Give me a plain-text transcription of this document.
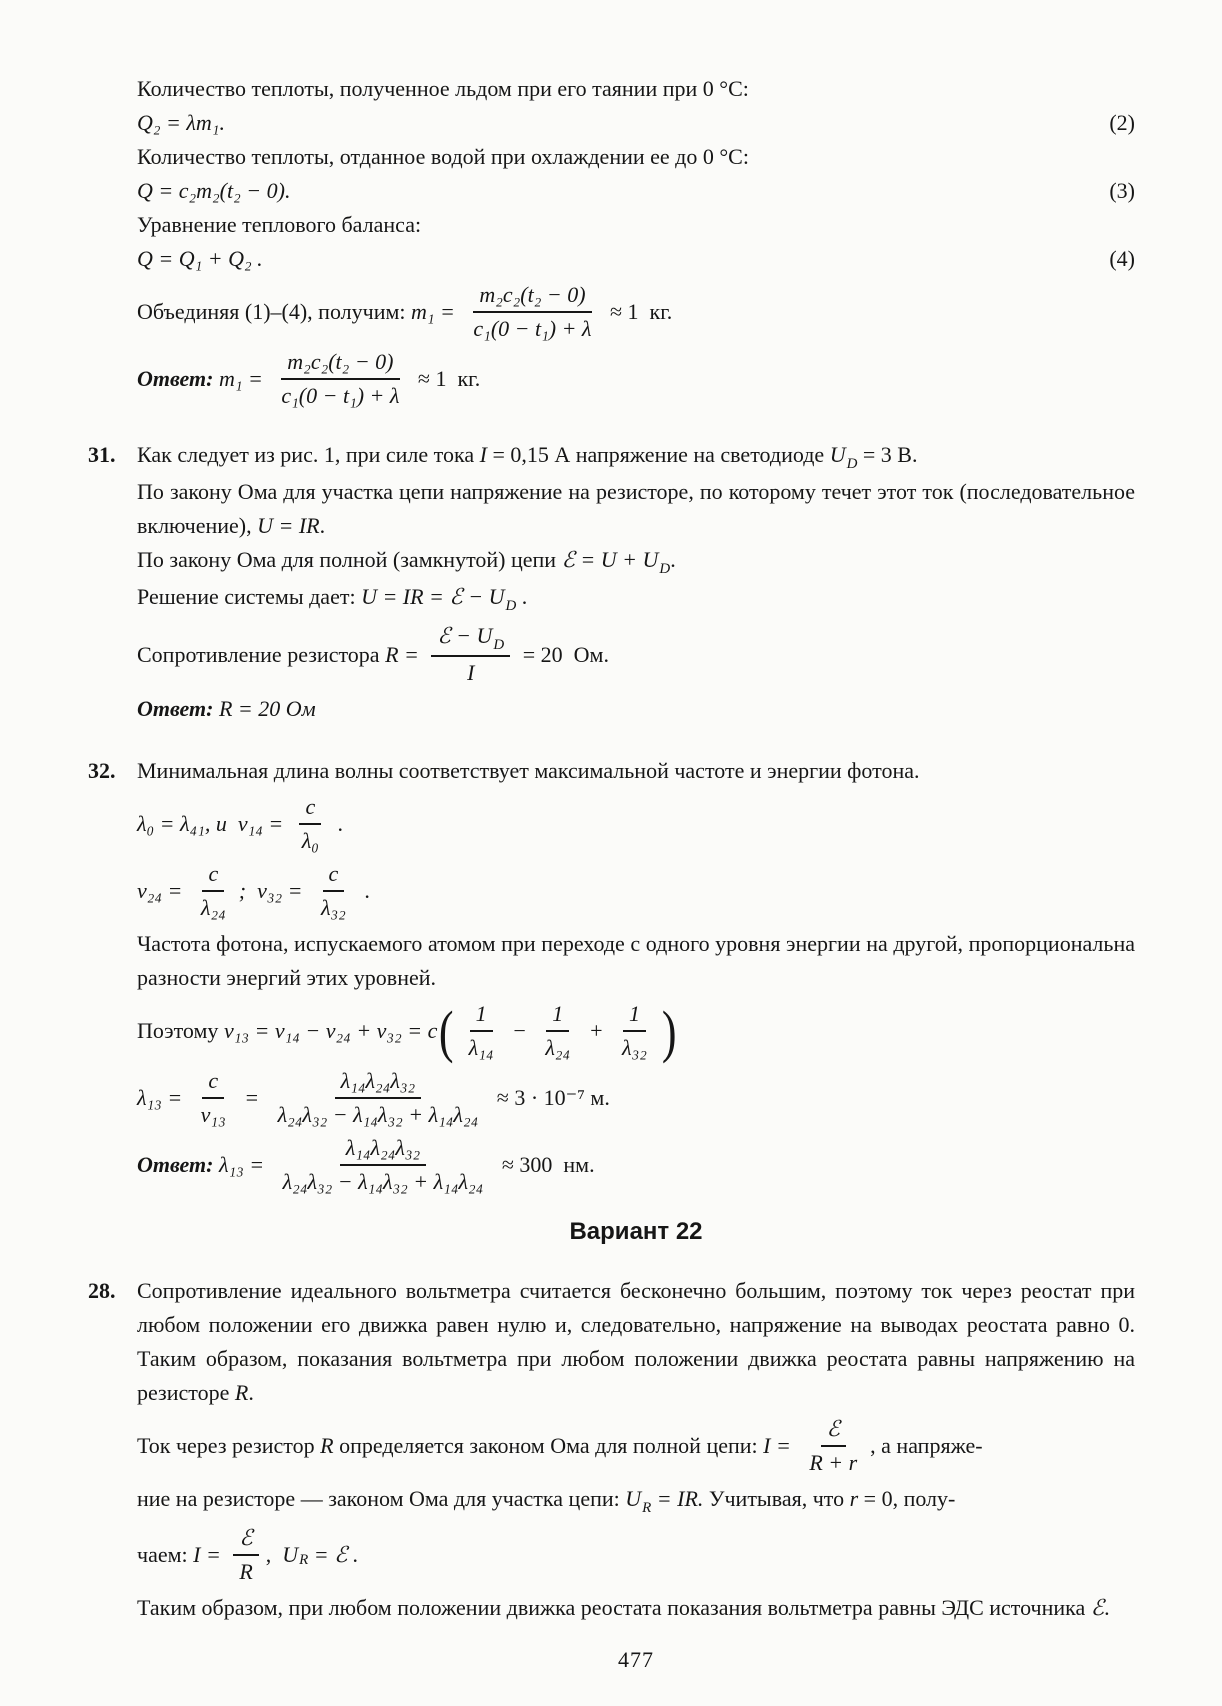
Количество теплоты, полученное льдом при его таянии при 0 °С:

Q₂ = λm₁.	(2)

Количество теплоты, отданное водой при охлаждении ее до 0 °С:

Q = c₂m₂(t₂ − 0).	(3)

Уравнение теплового баланса:

Q = Q₁ + Q₂ .	(4)
Объединяя (1)–(4), получим: $m_1 = \frac{\text{m₂c₂(t₂ − 0)}}{\text{c₁(0 − t₁) + λ}} \approx 1$  кг.
Ответ: $m_1 = \frac{\text{m₂c₂(t₂ − 0)}}{\text{c₁(0 − t₁) + λ}} \approx 1$  кг.
31. Как следует из рис. 1, при силе тока I = 0,15 А напряжение на светодиоде $U_D = 3$ В.

По закону Ома для участка цепи напряжение на резисторе, по которому течет этот ток (последовательное включение), U = IR.

По закону Ома для полной (замкнутой) цепи ℰ = $U + U_D$.

Решение системы дает: U = IR = ℰ − $U_D$ .

Сопротивление резистора $R = \frac{ℰ - U_D}{I} = 20$  Ом.

Ответ: R = 20 Ом

32. Минимальная длина волны соответствует максимальной частоте и энергии фотона.

λ₀ = λ₄₁, и  $\nu_{14} = \frac{c}{\text{λ₀}}$ .
$\nu_{24} = \frac{c}{\text{λ₂₄}}$ ;  $\nu_{32} = \frac{c}{\text{λ₃₂}}$ .

Частота фотона, испускаемого атомом при переходе с одного уровня энергии на другой, пропорциональна разности энергий этих уровней.

Поэтому ν₁₃ = ν₁₄ − ν₂₄ + ν₃₂ = c ( $\frac{1}{\text{λ₁₄}} - \frac{1}{\text{λ₂₄}} + \frac{1}{\text{λ₃₂}}$ )
$\lambda_{13} = \frac{c}{\text{ν₁₃}} = \frac{\text{λ₁₄λ₂₄λ₃₂}}{\text{λ₂₄λ₃₂ − λ₁₄λ₃₂ + λ₁₄λ₂₄}} \approx 3 \cdot 10^{-7}$ м.
Ответ: $\lambda_{13} = \frac{\text{λ₁₄λ₂₄λ₃₂}}{\text{λ₂₄λ₃₂ − λ₁₄λ₃₂ + λ₁₄λ₂₄}} \approx 300$  нм.
Вариант 22
28. Сопротивление идеального вольтметра считается бесконечно большим, поэтому ток через реостат при любом положении его движка равен нулю и, следовательно, напряжение на выводах реостата равно 0. Таким образом, показания вольтметра при любом положении движка реостата равны напряжению на резисторе R.

Ток через резистор R определяется законом Ома для полной цепи: $I = \frac{\text{ℰ}}{R + r}$ , а напряже-

ние на резисторе — законом Ома для участка цепи: $U_R$ = IR. Учитывая, что r = 0, полу-

чаем: $I = \frac{\text{ℰ}}{R}$ , U R = ℰ .

Таким образом, при любом положении движка реостата показания вольтметра равны ЭДС источника ℰ.

477
